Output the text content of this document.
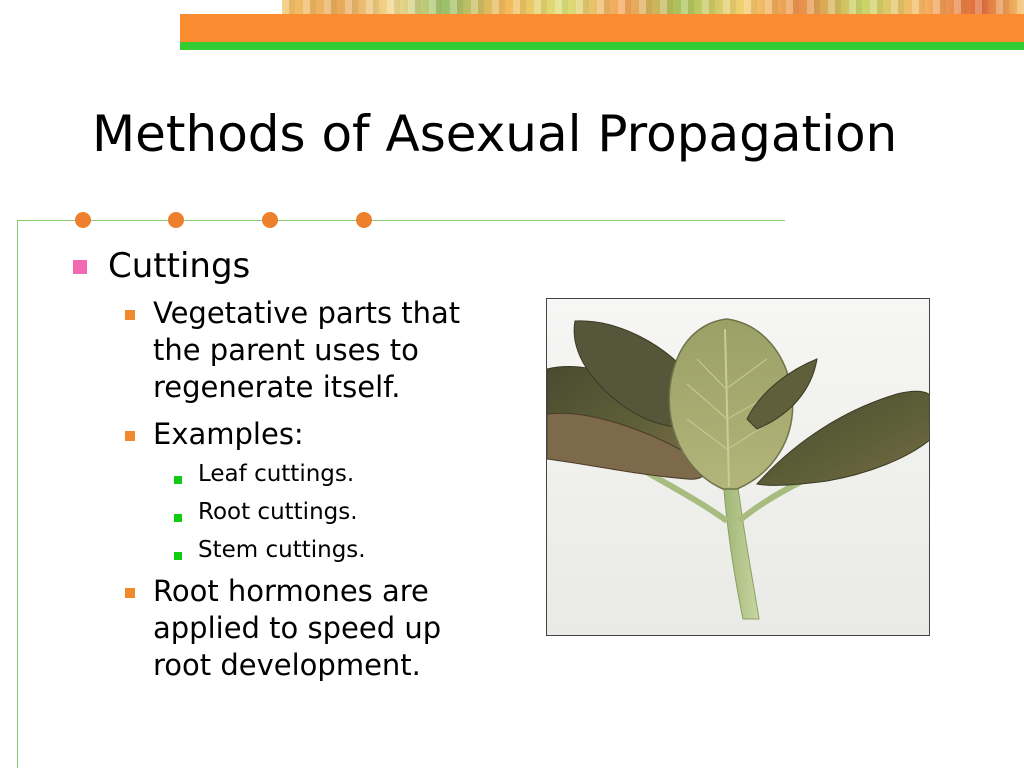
Methods of Asexual Propagation
Cuttings
Vegetative parts that
the parent uses to
regenerate itself.
Examples:
Leaf cuttings.
Root cuttings.
Stem cuttings.
Root hormones are
applied to speed up
root development.
